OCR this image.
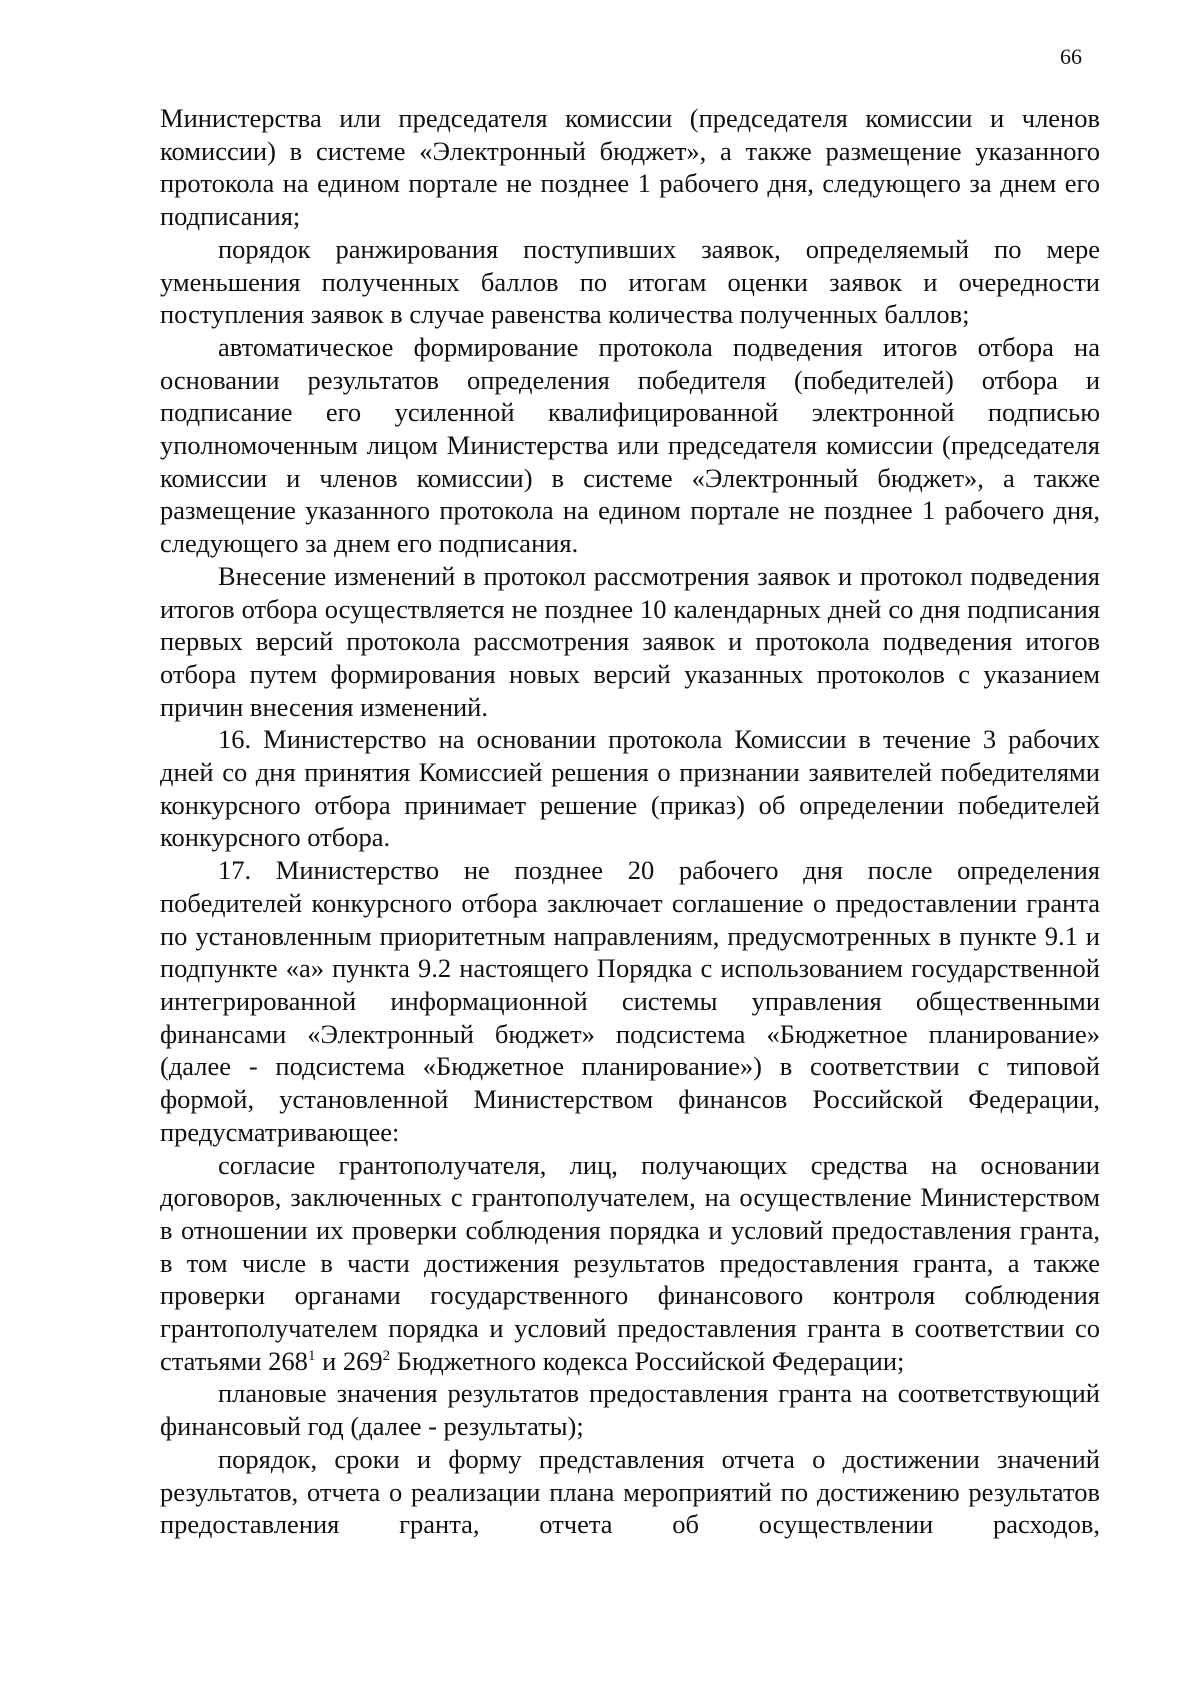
66

Министерства или председателя комиссии (председателя комиссии и членов комиссии) в системе «Электронный бюджет», а также размещение указанного протокола на едином портале не позднее 1 рабочего дня, следующего за днем его подписания;

порядок ранжирования поступивших заявок, определяемый по мере уменьшения полученных баллов по итогам оценки заявок и очередности поступления заявок в случае равенства количества полученных баллов;

автоматическое формирование протокола подведения итогов отбора на основании результатов определения победителя (победителей) отбора и подписание его усиленной квалифицированной электронной подписью уполномоченным лицом Министерства или председателя комиссии (председателя комиссии и членов комиссии) в системе «Электронный бюджет», а также размещение указанного протокола на едином портале не позднее 1 рабочего дня, следующего за днем его подписания.

Внесение изменений в протокол рассмотрения заявок и протокол подведения итогов отбора осуществляется не позднее 10 календарных дней со дня подписания первых версий протокола рассмотрения заявок и протокола подведения итогов отбора путем формирования новых версий указанных протоколов с указанием причин внесения изменений.

16. Министерство на основании протокола Комиссии в течение 3 рабочих дней со дня принятия Комиссией решения о признании заявителей победителями конкурсного отбора принимает решение (приказ) об определении победителей конкурсного отбора.

17. Министерство не позднее 20 рабочего дня после определения победителей конкурсного отбора заключает соглашение о предоставлении гранта по установленным приоритетным направлениям, предусмотренных в пункте 9.1 и подпункте «а» пункта 9.2 настоящего Порядка с использованием государственной интегрированной информационной системы управления общественными финансами «Электронный бюджет» подсистема «Бюджетное планирование» (далее - подсистема «Бюджетное планирование») в соответствии с типовой формой, установленной Министерством финансов Российской Федерации, предусматривающее:

согласие грантополучателя, лиц, получающих средства на основании договоров, заключенных с грантополучателем, на осуществление Министерством в отношении их проверки соблюдения порядка и условий предоставления гранта, в том числе в части достижения результатов предоставления гранта, а также проверки органами государственного финансового контроля соблюдения грантополучателем порядка и условий предоставления гранта в соответствии со статьями $268^1$ и $269^2$ Бюджетного кодекса Российской Федерации;

плановые значения результатов предоставления гранта на соответствующий финансовый год (далее - результаты);

порядок, сроки и форму представления отчета о достижении значений результатов, отчета о реализации плана мероприятий по достижению результатов предоставления гранта, отчета об осуществлении расходов,
